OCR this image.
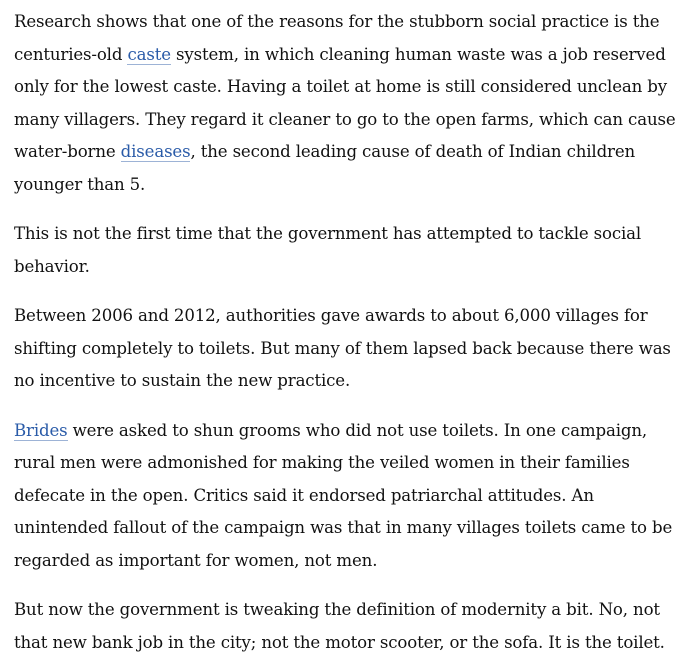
Research shows that one of the reasons for the stubborn social practice is the centuries-old caste system, in which cleaning human waste was a job reserved only for the lowest caste. Having a toilet at home is still considered unclean by many villagers. They regard it cleaner to go to the open farms, which can cause water-borne diseases, the second leading cause of death of Indian children younger than 5.

This is not the first time that the government has attempted to tackle social behavior.

Between 2006 and 2012, authorities gave awards to about 6,000 villages for shifting completely to toilets. But many of them lapsed back because there was no incentive to sustain the new practice.

Brides were asked to shun grooms who did not use toilets. In one campaign, rural men were admonished for making the veiled women in their families defecate in the open. Critics said it endorsed patriarchal attitudes. An unintended fallout of the campaign was that in many villages toilets came to be regarded as important for women, not men.

But now the government is tweaking the definition of modernity a bit. No, not that new bank job in the city; not the motor scooter, or the sofa. It is the toilet.
